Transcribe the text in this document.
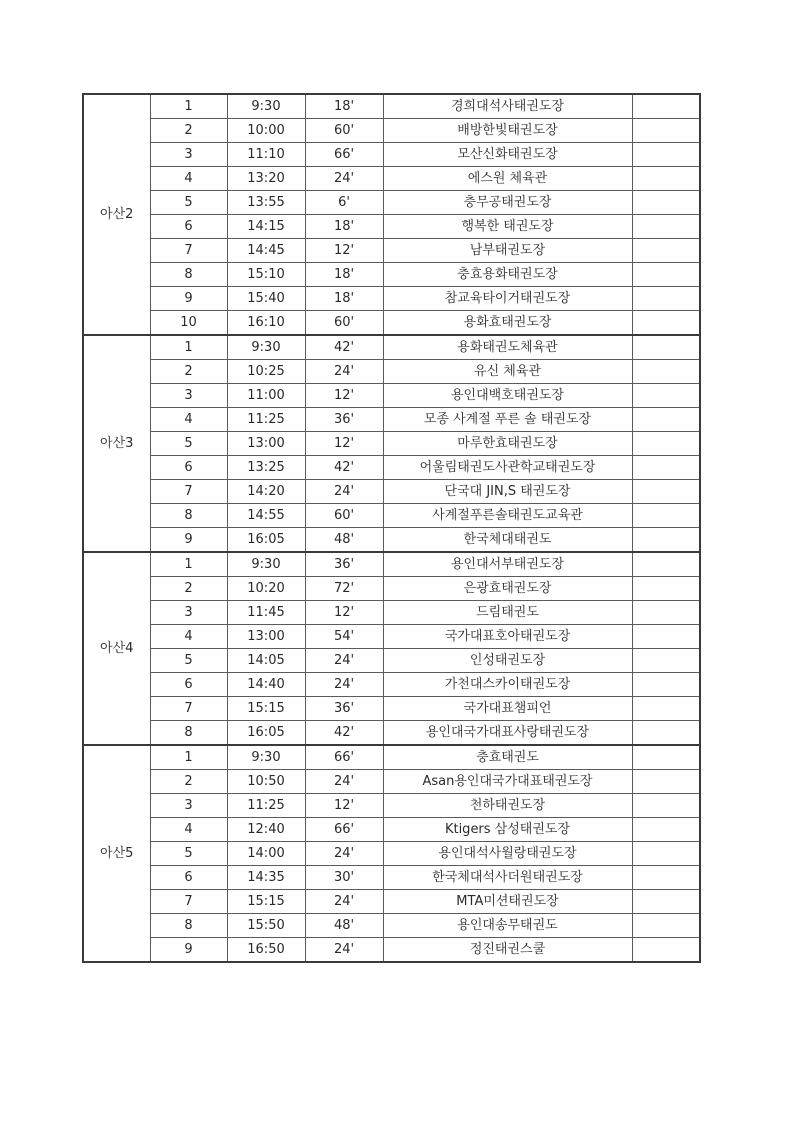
아산2	1	9:30	18'	경희대석사태권도장	
	2	10:00	60'	배방한빛태권도장	
	3	11:10	66'	모산신화태권도장	
	4	13:20	24'	에스원 체육관	
	5	13:55	6'	충무공태권도장	
	6	14:15	18'	행복한 태권도장	
	7	14:45	12'	남부태권도장	
	8	15:10	18'	충효용화태권도장	
	9	15:40	18'	참교육타이거태권도장	
	10	16:10	60'	용화효태권도장	
아산3	1	9:30	42'	용화태권도체육관	
	2	10:25	24'	유신 체육관	
	3	11:00	12'	용인대백호태권도장	
	4	11:25	36'	모종 사계절 푸른 솔 태권도장	
	5	13:00	12'	마루한효태권도장	
	6	13:25	42'	어울림태권도사관학교태권도장	
	7	14:20	24'	단국대 JIN,S 태권도장	
	8	14:55	60'	사계절푸른솔태권도교육관	
	9	16:05	48'	한국체대태권도	
아산4	1	9:30	36'	용인대서부태권도장	
	2	10:20	72'	은광효태권도장	
	3	11:45	12'	드림태권도	
	4	13:00	54'	국가대표호아태권도장	
	5	14:05	24'	인성태권도장	
	6	14:40	24'	가천대스카이태권도장	
	7	15:15	36'	국가대표챔피언	
	8	16:05	42'	용인대국가대표사랑태권도장	
아산5	1	9:30	66'	충효태권도	
	2	10:50	24'	Asan용인대국가대표태권도장	
	3	11:25	12'	천하태권도장	
	4	12:40	66'	Ktigers 삼성태권도장	
	5	14:00	24'	용인대석사월랑태권도장	
	6	14:35	30'	한국체대석사더원태권도장	
	7	15:15	24'	MTA미션태권도장	
	8	15:50	48'	용인대송무태권도	
	9	16:50	24'	정진태권스쿨	
